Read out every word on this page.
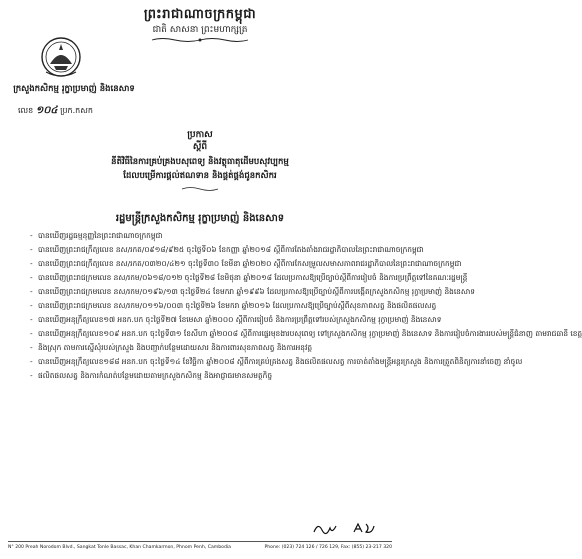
ព្រះរាជាណាចក្រកម្ពុជា
ជាតិ សាសនា ព្រះមហាក្សត្រ
ក្រសួងកសិកម្ម រុក្ខាប្រមាញ់ និងនេសាទ
លេខ ១០៤ ប្រក.កសក
ប្រកាស
ស្តីពី
នីតិវិធីនៃការគ្រប់គ្រងបសុពេទ្យ និងវត្ថុធាតុដើមបសុវប្បកម្ម
ដែលបម្រើការផ្តល់ឥណទាន និងផ្គត់ផ្គង់ជូនកសិករ
រដ្ឋមន្ត្រីក្រសួងកសិកម្ម រុក្ខាប្រមាញ់ និងនេសាទ
- បានឃើញរដ្ឋធម្មនុញ្ញនៃព្រះរាជាណាចក្រកម្ពុជា
- បានឃើញព្រះរាជក្រឹត្យលេខ នស/រកត/០៩១៨/៩២៥ ចុះថ្ងៃទី០៦ ខែកញ្ញា ឆ្នាំ២០១៨ ស្តីពីការតែងតាំងរាជរដ្ឋាភិបាលនៃព្រះរាជាណាចក្រកម្ពុជា
- បានឃើញព្រះរាជក្រឹត្យលេខ នស/រកត/០៣២០/៤២១ ចុះថ្ងៃទី៣០ ខែមីនា ឆ្នាំ២០២០ ស្តីពីការកែសម្រួលសមាសភាពរាជរដ្ឋាភិបាលនៃព្រះរាជាណាចក្រកម្ពុជា
- បានឃើញព្រះរាជក្រមលេខ នស/រកម/០៦១៨/០១២ ចុះថ្ងៃទី២៨ ខែមិថុនា ឆ្នាំ២០១៨ ដែលប្រកាសឱ្យប្រើច្បាប់ស្តីពីការរៀបចំ និងការប្រព្រឹត្តទៅនៃគណៈរដ្ឋមន្ត្រី
- បានឃើញព្រះរាជក្រមលេខ នស/រកម/០១៩៦/១៣ ចុះថ្ងៃទី២៤ ខែមករា ឆ្នាំ១៩៩៦ ដែលប្រកាសឱ្យប្រើច្បាប់ស្តីពីការបង្កើតក្រសួងកសិកម្ម រុក្ខាប្រមាញ់ និងនេសាទ
- បានឃើញព្រះរាជក្រមលេខ នស/រកម/០១១៦/០០៣ ចុះថ្ងៃទី២៦ ខែមករា ឆ្នាំ២០១៦ ដែលប្រកាសឱ្យប្រើច្បាប់ស្តីពីសុខភាពសត្វ និងផលិតផលសត្វ
- បានឃើញអនុក្រឹត្យលេខ១៧ អនក.បក ចុះថ្ងៃទី២៧ ខែមេសា ឆ្នាំ២០០០ ស្តីពីការរៀបចំ និងការប្រព្រឹត្តទៅរបស់ក្រសួងកសិកម្ម រុក្ខាប្រមាញ់ និងនេសាទ
- បានឃើញអនុក្រឹត្យលេខ១០៩ អនក.បក ចុះថ្ងៃទី៣១ ខែសីហា ឆ្នាំ២០០៨ ស្តីពីការផ្ទេរមុខងារបសុពេទ្យ ទៅក្រសួងកសិកម្ម រុក្ខាប្រមាញ់ និងនេសាទ និងការរៀបចំការងាររបស់មន្ត្រីជំនាញ តាមរាជធានី ខេត្ត
- និងស្រុក តាមការស្នើសុំរបស់ក្រសួង និងបញ្ជាក់បន្ថែមដោយសារ និងការពារសុខភាពសត្វ និងការអនុវត្ត
- បានឃើញអនុក្រឹត្យលេខ១៨៨ អនក.បក ចុះថ្ងៃទី១៤ ខែវិច្ឆិកា ឆ្នាំ២០០៨ ស្តីពីការគ្រប់គ្រងសត្វ និងផលិតផលសត្វ ការចាត់តាំងមន្ត្រីអន្តរក្រសួង និងការត្រួតពិនិត្យការនាំចេញ នាំចូល
- ផលិតផលសត្វ និងការកំណត់បន្ថែមដោយតាមក្រសួងកសិកម្ម និងអាជ្ញាធរមានសមត្ថកិច្ច
N° 200 Preah Norodom Blvd., Sangkat Tonle Bassac, Khan Chamkarmon, Phnom Penh, Cambodia	Phone: (023) 724 126 / 726 129, Fax: (855) 23-217 320
